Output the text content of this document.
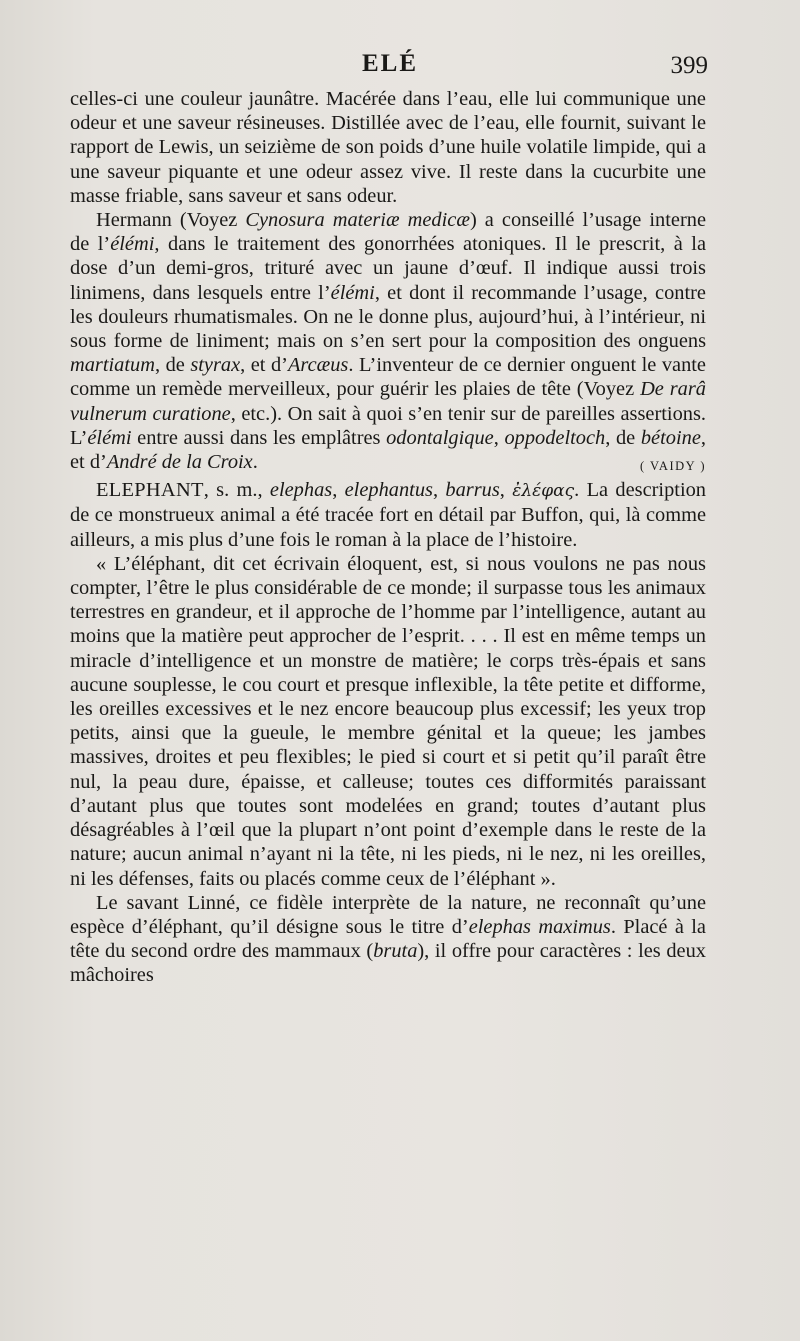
ELÉ	399

celles-ci une couleur jaunâtre. Macérée dans l’eau, elle lui communique une odeur et une saveur résineuses. Distillée avec de l’eau, elle fournit, suivant le rapport de Lewis, un seizième de son poids d’une huile volatile limpide, qui a une saveur piquante et une odeur assez vive. Il reste dans la cucurbite une masse friable, sans saveur et sans odeur.

Hermann (Voyez Cynosura materiæ medicæ) a conseillé l’usage interne de l’élémi, dans le traitement des gonorrhées atoniques. Il le prescrit, à la dose d’un demi-gros, trituré avec un jaune d’œuf. Il indique aussi trois linimens, dans lesquels entre l’élémi, et dont il recommande l’usage, contre les douleurs rhumatismales. On ne le donne plus, aujourd’hui, à l’intérieur, ni sous forme de liniment; mais on s’en sert pour la composition des onguens martiatum, de styrax, et d’Arcæus. L’inventeur de ce dernier onguent le vante comme un remède merveilleux, pour guérir les plaies de tête (Voyez De rarâ vulnerum curatione, etc.). On sait à quoi s’en tenir sur de pareilles assertions. L’élémi entre aussi dans les emplâtres odontalgique, oppodeltoch, de bétoine, et d’André de la Croix.	( VAIDY )

ELEPHANT, s. m., elephas, elephantus, barrus, ἐλέφας. La description de ce monstrueux animal a été tracée fort en détail par Buffon, qui, là comme ailleurs, a mis plus d’une fois le roman à la place de l’histoire.

« L’éléphant, dit cet écrivain éloquent, est, si nous voulons ne pas nous compter, l’être le plus considérable de ce monde; il surpasse tous les animaux terrestres en grandeur, et il approche de l’homme par l’intelligence, autant au moins que la matière peut approcher de l’esprit. . . . Il est en même temps un miracle d’intelligence et un monstre de matière; le corps très-épais et sans aucune souplesse, le cou court et presque inflexible, la tête petite et difforme, les oreilles excessives et le nez encore beaucoup plus excessif; les yeux trop petits, ainsi que la gueule, le membre génital et la queue; les jambes massives, droites et peu flexibles; le pied si court et si petit qu’il paraît être nul, la peau dure, épaisse, et calleuse; toutes ces difformités paraissant d’autant plus que toutes sont modelées en grand; toutes d’autant plus désagréables à l’œil que la plupart n’ont point d’exemple dans le reste de la nature; aucun animal n’ayant ni la tête, ni les pieds, ni le nez, ni les oreilles, ni les défenses, faits ou placés comme ceux de l’éléphant ».

Le savant Linné, ce fidèle interprète de la nature, ne reconnaît qu’une espèce d’éléphant, qu’il désigne sous le titre d’elephas maximus. Placé à la tête du second ordre des mammaux (bruta), il offre pour caractères : les deux mâchoires
